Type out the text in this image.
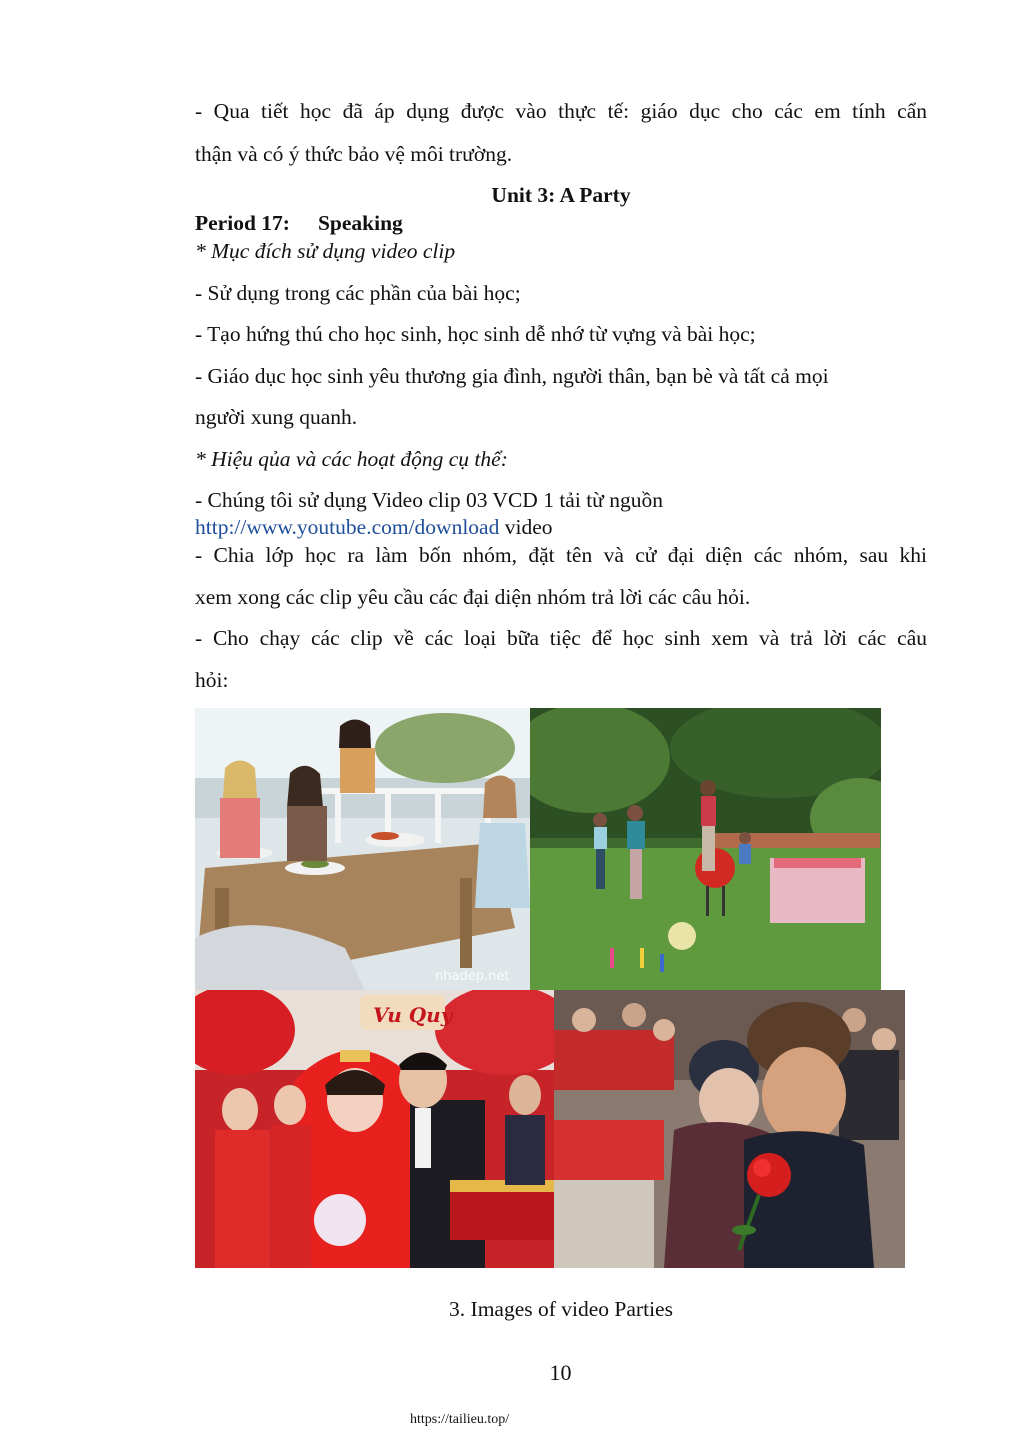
- Qua tiết học đã áp dụng được vào thực tế: giáo dục cho các em tính cẩn
thận và có ý thức bảo vệ môi trường.
Unit 3: A Party
Period 17: Speaking
* Mục đích sử dụng video clip
- Sử dụng trong các phần của bài học;
- Tạo hứng thú cho học sinh, học sinh dễ nhớ từ vựng và bài học;
- Giáo dục học sinh yêu thương gia đình, người thân, bạn bè và tất cả mọi
người xung quanh.
* Hiệu qủa và các hoạt động cụ thể:
- Chúng tôi sử dụng Video clip 03 VCD 1 tải từ nguồn
http://www.youtube.com/download video
- Chia lớp học ra làm bốn nhóm, đặt tên và cử đại diện các nhóm, sau khi
xem xong các clip yêu cầu các đại diện nhóm trả lời các câu hỏi.
- Cho chạy các clip về các loại bữa tiệc để học sinh xem và trả lời các câu
hỏi:
nhadep.net
Vu Quy
3. Images of video Parties
10
https://tailieu.top/
